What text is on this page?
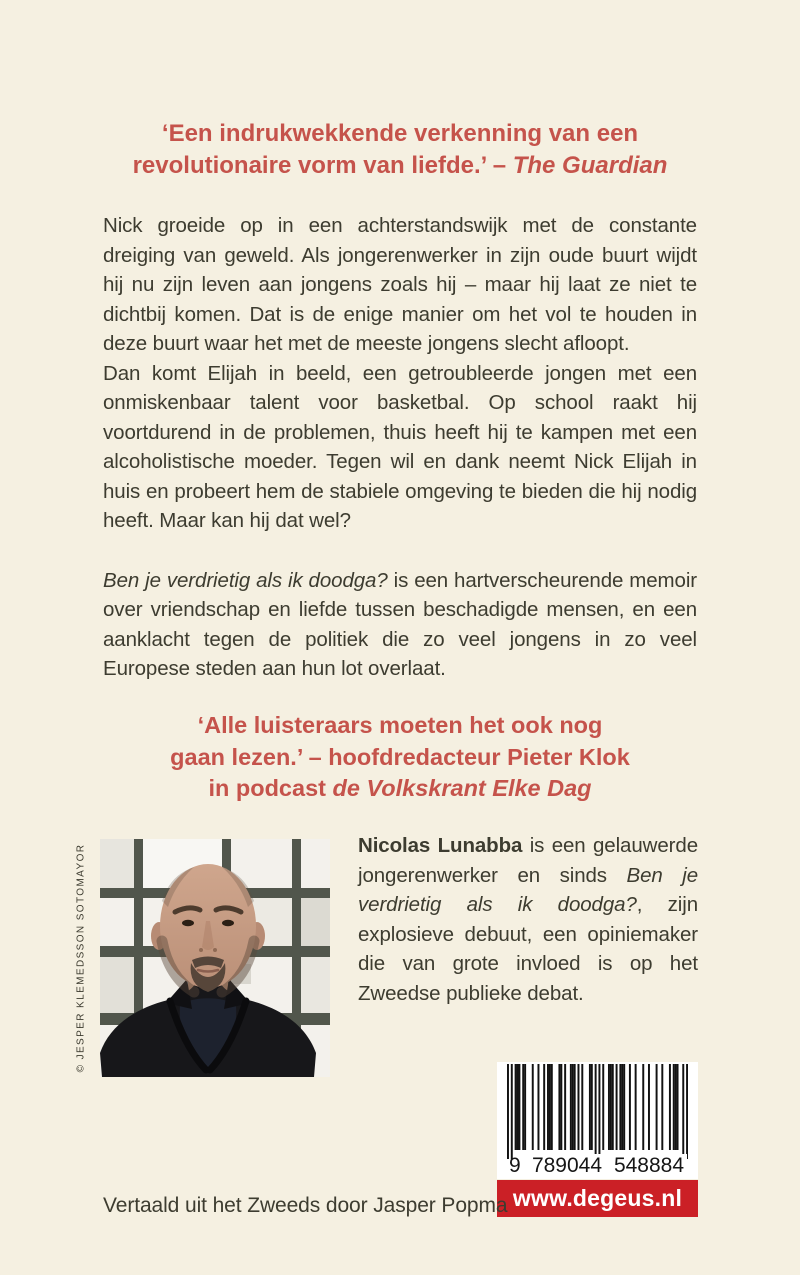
‘Een indrukwekkende verkenning van een revolutionaire vorm van liefde.’ – The Guardian

Nick groeide op in een achterstandswijk met de constante dreiging van geweld. Als jongerenwerker in zijn oude buurt wijdt hij nu zijn leven aan jongens zoals hij – maar hij laat ze niet te dichtbij komen. Dat is de enige manier om het vol te houden in deze buurt waar het met de meeste jongens slecht afloopt.

Dan komt Elijah in beeld, een getroubleerde jongen met een onmiskenbaar talent voor basketbal. Op school raakt hij voortdurend in de problemen, thuis heeft hij te kampen met een alcoholistische moeder. Tegen wil en dank neemt Nick Elijah in huis en probeert hem de stabiele omgeving te bieden die hij nodig heeft. Maar kan hij dat wel?

Ben je verdrietig als ik doodga? is een hartverscheurende memoir over vriendschap en liefde tussen beschadigde mensen, en een aanklacht tegen de politiek die zo veel jongens in zo veel Europese steden aan hun lot overlaat.

‘Alle luisteraars moeten het ook nog
gaan lezen.’ – hoofdredacteur Pieter Klok
in podcast de Volkskrant Elke Dag
© JESPER KLEMEDSSON SOTOMAYOR	Nicolas Lunabba is een gelauwerde jongerenwerker en sinds Ben je verdrietig als ik doodga?, zijn explosieve debuut, een opiniemaker die van grote invloed is op het Zweedse publieke debat.
9 789044 548884
www.degeus.nl
Vertaald uit het Zweeds door Jasper Popma
